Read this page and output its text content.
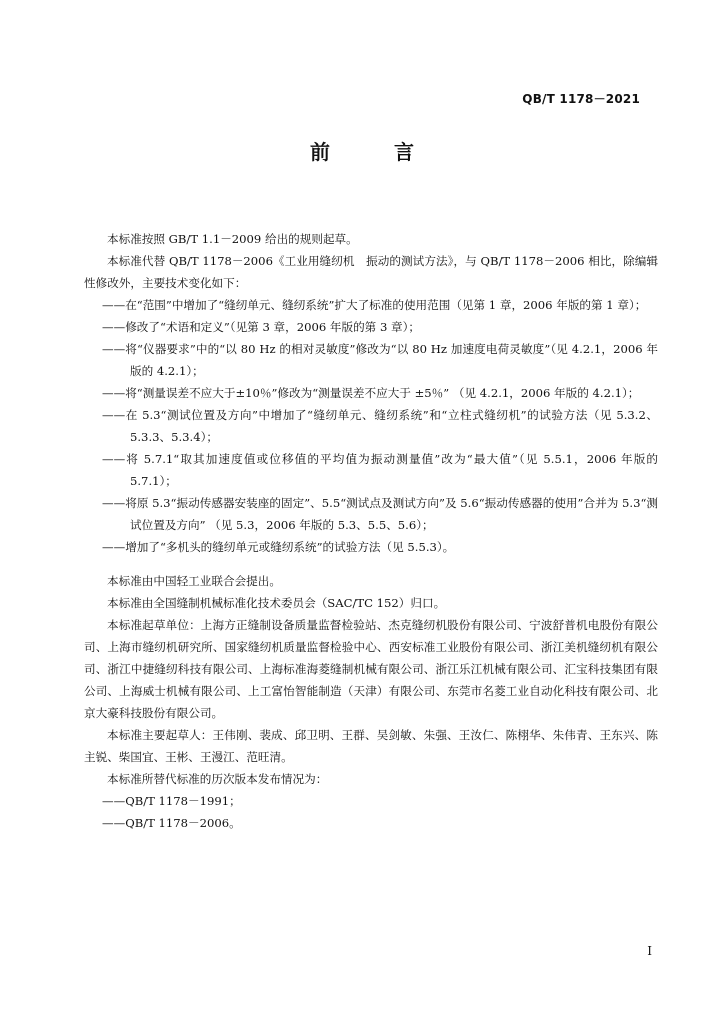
QB/T 1178－2021
前　言

本标准按照 GB/T 1.1－2009 给出的规则起草。

本标准代替 QB/T 1178－2006《工业用缝纫机　振动的测试方法》，与 QB/T 1178－2006 相比，除编辑性修改外，主要技术变化如下：

——在“范围”中增加了“缝纫单元、缝纫系统”扩大了标准的使用范围（见第 1 章，2006 年版的第 1 章）；

——修改了“术语和定义”（见第 3 章，2006 年版的第 3 章）；

——将“仪器要求”中的“以 80 Hz 的相对灵敏度”修改为“以 80 Hz 加速度电荷灵敏度”（见 4.2.1，2006 年版的 4.2.1）；

——将“测量误差不应大于±10％”修改为“测量误差不应大于 ±5％” （见 4.2.1，2006 年版的 4.2.1）；

——在 5.3“测试位置及方向”中增加了“缝纫单元、缝纫系统”和“立柱式缝纫机”的试验方法（见 5.3.2、5.3.3、5.3.4）；

——将 5.7.1“取其加速度值或位移值的平均值为振动测量值”改为“最大值”（见 5.5.1，2006 年版的 5.7.1）；

——将原 5.3“振动传感器安装座的固定”、5.5“测试点及测试方向”及 5.6“振动传感器的使用”合并为 5.3“测试位置及方向” （见 5.3，2006 年版的 5.3、5.5、5.6）；

——增加了“多机头的缝纫单元或缝纫系统”的试验方法（见 5.5.3）。

本标准由中国轻工业联合会提出。

本标准由全国缝制机械标准化技术委员会（SAC/TC 152）归口。

本标准起草单位：上海方正缝制设备质量监督检验站、杰克缝纫机股份有限公司、宁波舒普机电股份有限公司、上海市缝纫机研究所、国家缝纫机质量监督检验中心、西安标准工业股份有限公司、浙江美机缝纫机有限公司、浙江中捷缝纫科技有限公司、上海标准海菱缝制机械有限公司、浙江乐江机械有限公司、汇宝科技集团有限公司、上海威士机械有限公司、上工富怡智能制造（天津）有限公司、东莞市名菱工业自动化科技有限公司、北京大豪科技股份有限公司。

本标准主要起草人：王伟刚、裴成、邱卫明、王群、吴剑敏、朱强、王汝仁、陈栩华、朱伟青、王东兴、陈主锐、柴国宜、王彬、王漫江、范旺清。

本标准所替代标准的历次版本发布情况为：

——QB/T 1178－1991；

——QB/T 1178－2006。

I
